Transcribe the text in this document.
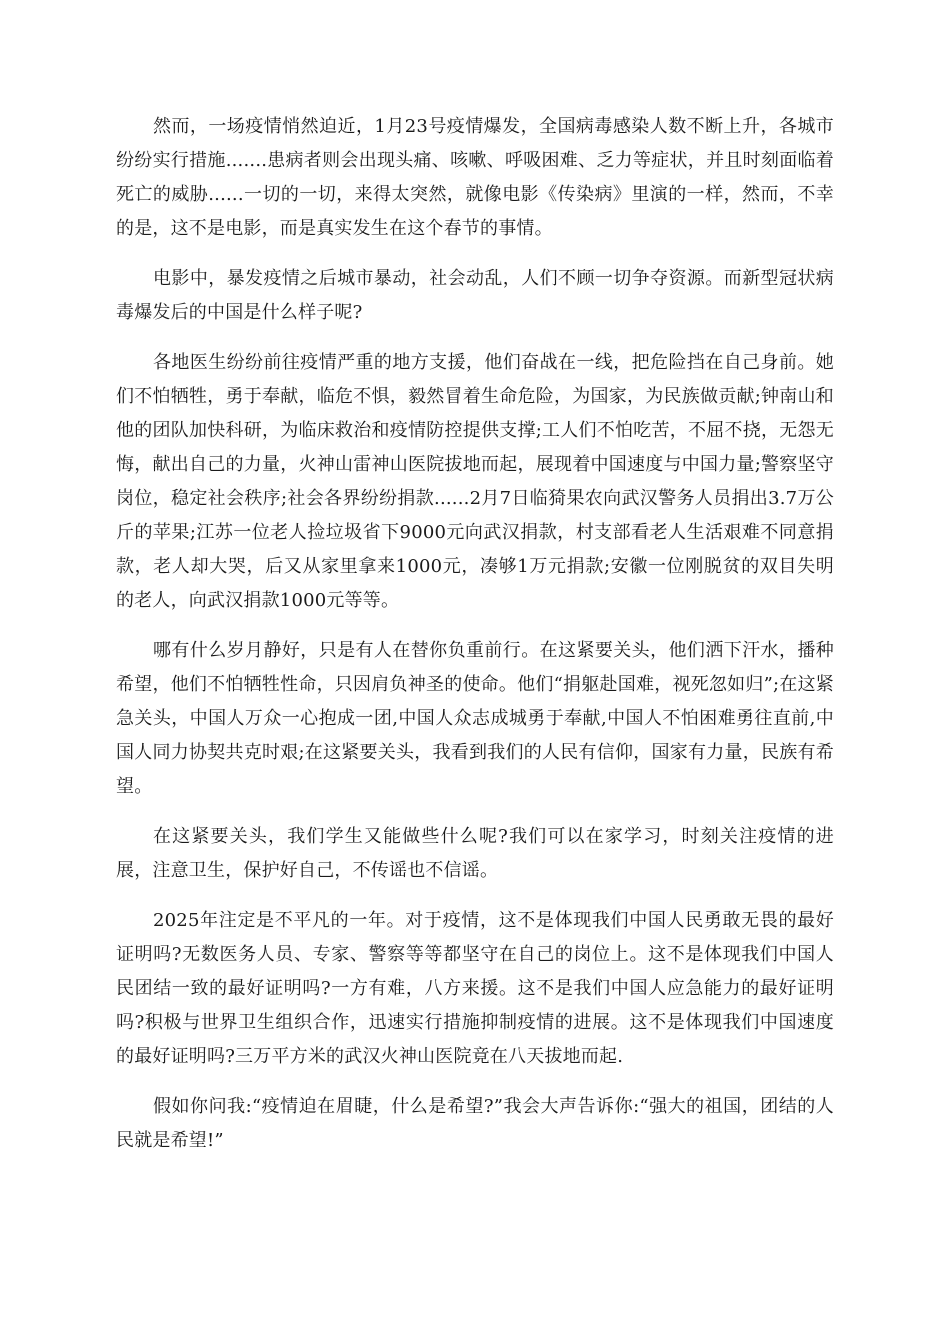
然而，一场疫情悄然迫近，1月23号疫情爆发，全国病毒感染人数不断上升，各城市纷纷实行措施.......患病者则会出现头痛、咳嗽、呼吸困难、乏力等症状，并且时刻面临着死亡的威胁......一切的一切，来得太突然，就像电影《传染病》里演的一样，然而，不幸的是，这不是电影，而是真实发生在这个春节的事情。

电影中，暴发疫情之后城市暴动，社会动乱，人们不顾一切争夺资源。而新型冠状病毒爆发后的中国是什么样子呢?

各地医生纷纷前往疫情严重的地方支援，他们奋战在一线，把危险挡在自己身前。她们不怕牺牲，勇于奉献，临危不惧，毅然冒着生命危险，为国家，为民族做贡献;钟南山和他的团队加快科研，为临床救治和疫情防控提供支撑;工人们不怕吃苦，不屈不挠，无怨无悔，献出自己的力量，火神山雷神山医院拔地而起，展现着中国速度与中国力量;警察坚守岗位，稳定社会秩序;社会各界纷纷捐款......2月7日临猗果农向武汉警务人员捐出3.7万公斤的苹果;江苏一位老人捡垃圾省下9000元向武汉捐款，村支部看老人生活艰难不同意捐款，老人却大哭，后又从家里拿来1000元，凑够1万元捐款;安徽一位刚脱贫的双目失明的老人，向武汉捐款1000元等等。

哪有什么岁月静好，只是有人在替你负重前行。在这紧要关头，他们洒下汗水，播种希望，他们不怕牺牲性命，只因肩负神圣的使命。他们“捐躯赴国难，视死忽如归”;在这紧急关头，中国人万众一心抱成一团,中国人众志成城勇于奉献,中国人不怕困难勇往直前,中国人同力协契共克时艰;在这紧要关头，我看到我们的人民有信仰，国家有力量，民族有希望。

在这紧要关头，我们学生又能做些什么呢?我们可以在家学习，时刻关注疫情的进展，注意卫生，保护好自己，不传谣也不信谣。

2025年注定是不平凡的一年。对于疫情，这不是体现我们中国人民勇敢无畏的最好证明吗?无数医务人员、专家、警察等等都坚守在自己的岗位上。这不是体现我们中国人民团结一致的最好证明吗?一方有难，八方来援。这不是我们中国人应急能力的最好证明吗?积极与世界卫生组织合作，迅速实行措施抑制疫情的进展。这不是体现我们中国速度的最好证明吗?三万平方米的武汉火神山医院竟在八天拔地而起.

假如你问我:“疫情迫在眉睫，什么是希望?”我会大声告诉你:“强大的祖国，团结的人民就是希望!”
